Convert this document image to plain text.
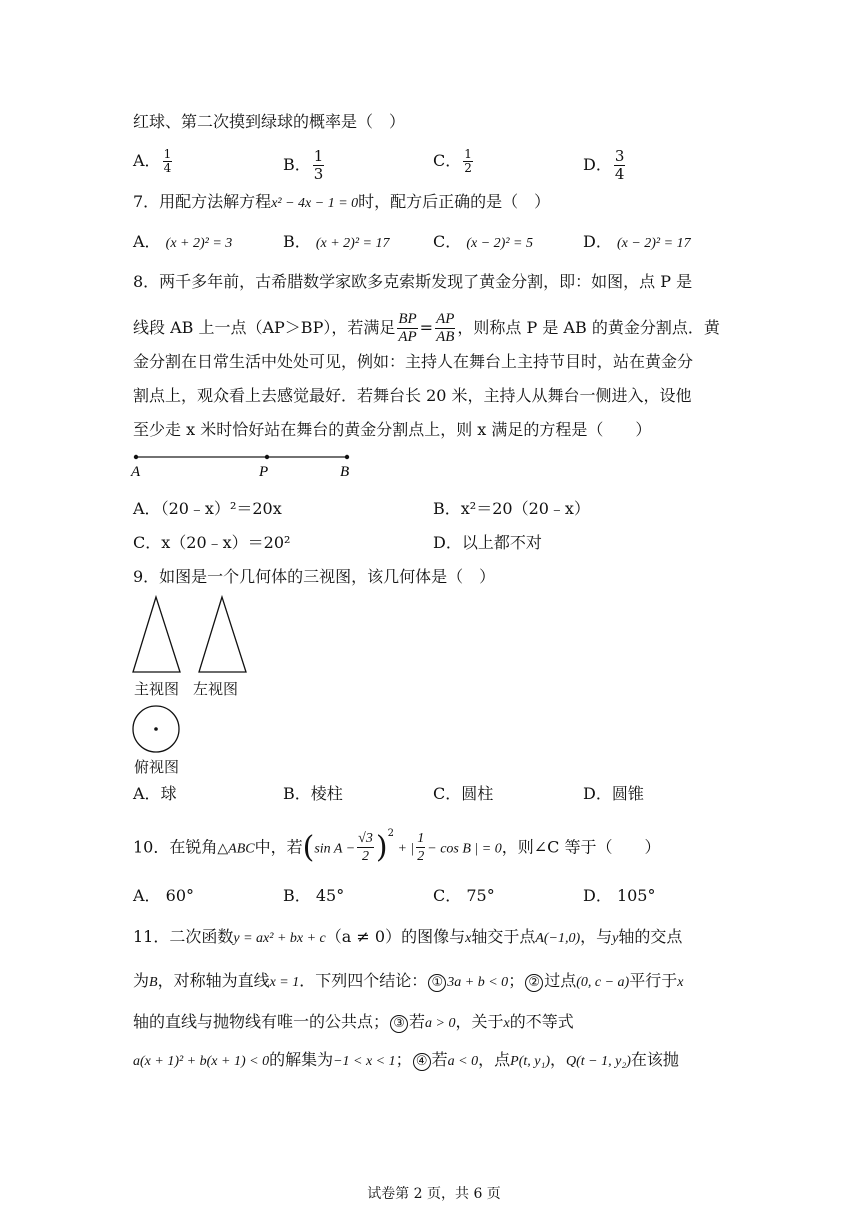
红球、第二次摸到绿球的概率是（　）
A． $\frac{1}{4}$	B． $\frac{1}{3}$	C． $\frac{1}{2}$	D． $\frac{3}{4}$
7．用配方法解方程x² − 4x − 1 = 0时，配方后正确的是（　）
A． (x + 2)² = 3	B． (x + 2)² = 17	C． (x − 2)² = 5	D． (x − 2)² = 17
8．两千多年前，古希腊数学家欧多克索斯发现了黄金分割，即：如图，点 P 是
线段 AB 上一点（AP＞BP），若满足 $\frac{BP}{AP} = \frac{AP}{AB}$ ，则称点 P 是 AB 的黄金分割点．黄
金分割在日常生活中处处可见，例如：主持人在舞台上主持节目时，站在黄金分
割点上，观众看上去感觉最好．若舞台长 20 米，主持人从舞台一侧进入，设他
至少走 x 米时恰好站在舞台的黄金分割点上，则 x 满足的方程是（　　）
A	P	B
A．（20﹣x）²＝20x	B．x²＝20（20﹣x）
C．x（20﹣x）＝20²	D．以上都不对
9．如图是一个几何体的三视图，该几何体是（　）
主视图 左视图
俯视图
A．球	B．棱柱	C．圆柱	D．圆锥
10．在锐角△ABC中，若(sin $A - \frac{√3}{2} )^2$ + | $\frac{1}{2} - \cos B$ | = 0，则∠C 等于（　　）
A． 60°	B． 45°	C． 75°	D． 105°
11．二次函数y = ax² + bx + c（a ≠ 0）的图像与x轴交于点A(−1,0)，与y轴的交点
为B，对称轴为直线x = 1．下列四个结论： ① 3a + b < 0； ② 过点(0, c − a)平行于x
轴的直线与抛物线有唯一的公共点； ③ 若a > 0，关于x的不等式
a(x + 1)² + b(x + 1) < 0的解集为−1 < x < 1； ④ 若a < 0，点P(t, y₁)，Q(t − 1, y₂)在该抛
试卷第 2 页，共 6 页
